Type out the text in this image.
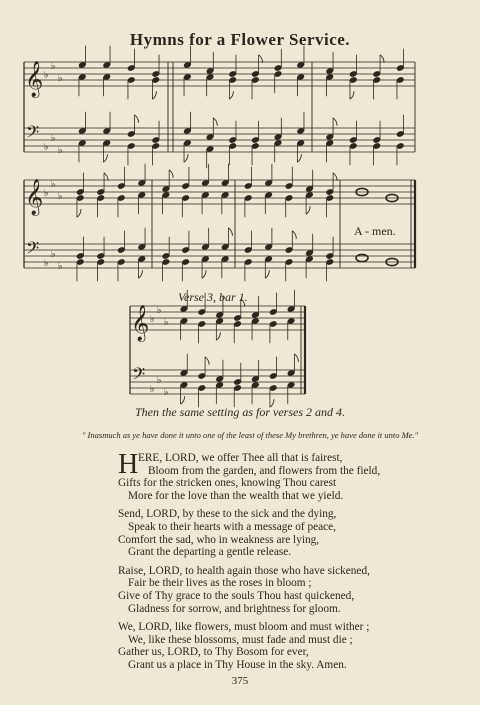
Hymns for a Flower Service.
𝄞
𝄢
♭
♭
♭
♭
♭
♭
𝄞
𝄢
♭
♭
♭
♭
♭
♭
𝄞
𝄢
♭
♭
♭
♭
♭
♭
A - men.
Verse 3, bar 1.
Then the same setting as for verses 2 and 4.
" Inasmuch as ye have done it unto one of the least of these My brethren, ye have done it unto Me."
H ERE, LORD, we offer Thee all that is fairest,
Bloom from the garden, and flowers from the field,
Gifts for the stricken ones, knowing Thou carest
More for the love than the wealth that we yield.
Send, LORD, by these to the sick and the dying,
Speak to their hearts with a message of peace,
Comfort the sad, who in weakness are lying,
Grant the departing a gentle release.
Raise, LORD, to health again those who have sickened,
Fair be their lives as the roses in bloom ;
Give of Thy grace to the souls Thou hast quickened,
Gladness for sorrow, and brightness for gloom.
We, LORD, like flowers, must bloom and must wither ;
We, like these blossoms, must fade and must die ;
Gather us, LORD, to Thy Bosom for ever,
Grant us a place in Thy House in the sky. Amen.
375
